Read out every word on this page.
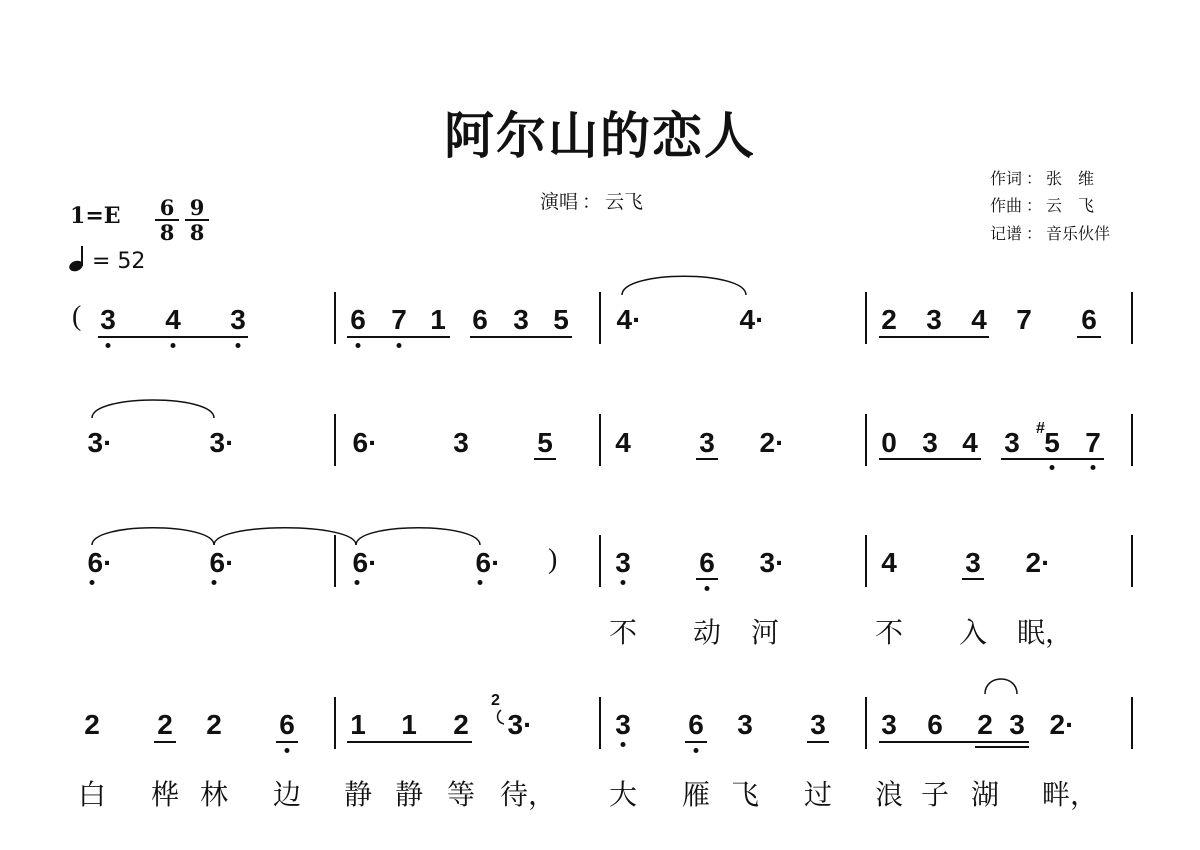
阿尔山的恋人
演唱 ： 云飞
作词 ： 张　维
作曲 ： 云　飞
记谱 ： 音乐伙伴
1=E 6
8
9
8
= 52
( 3 4 3	6 7 1 6 3 5 4·	4·	2 3 4 7 6
3·	3·	6·	3 5 4 3 2·	0 3 4 3 # 5 7
6·	6·	6·	6· ) 3 6 3·	4 3 2·
不 动 河	不 入 眠，
2 2 2 6 1 1 2
2
3·	3 6 3 3 3 6 2 3 2·
白 桦 林 边 静 静 等 待， 大 雁 飞 过 浪 子 湖 畔，
